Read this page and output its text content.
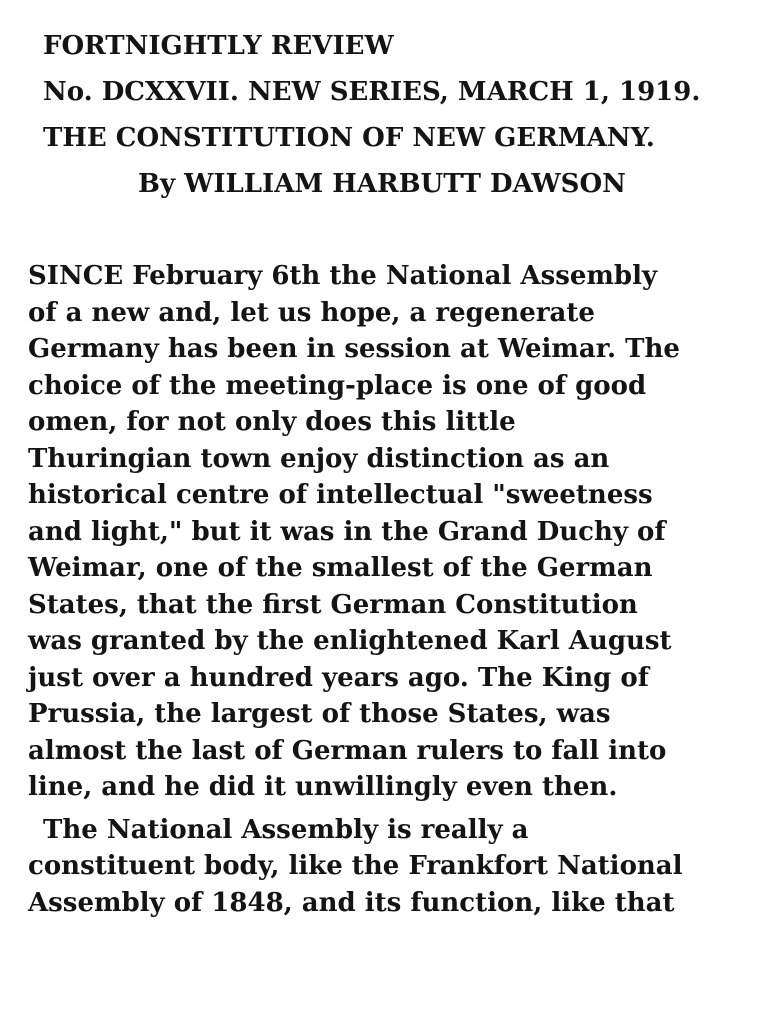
FORTNIGHTLY REVIEW

No. DCXXVII. NEW SERIES, MARCH 1, 1919.

THE CONSTITUTION OF NEW GERMANY.

By WILLIAM HARBUTT DAWSON

SINCE February 6th the National Assembly
of a new and, let us hope, a regenerate
Germany has been in session at Weimar. The
choice of the meeting-place is one of good
omen, for not only does this little
Thuringian town enjoy distinction as an
historical centre of intellectual "sweetness
and light," but it was in the Grand Duchy of
Weimar, one of the smallest of the German
States, that the first German Constitution
was granted by the enlightened Karl August
just over a hundred years ago. The King of
Prussia, the largest of those States, was
almost the last of German rulers to fall into
line, and he did it unwillingly even then.
The National Assembly is really a
constituent body, like the Frankfort National
Assembly of 1848, and its function, like that
